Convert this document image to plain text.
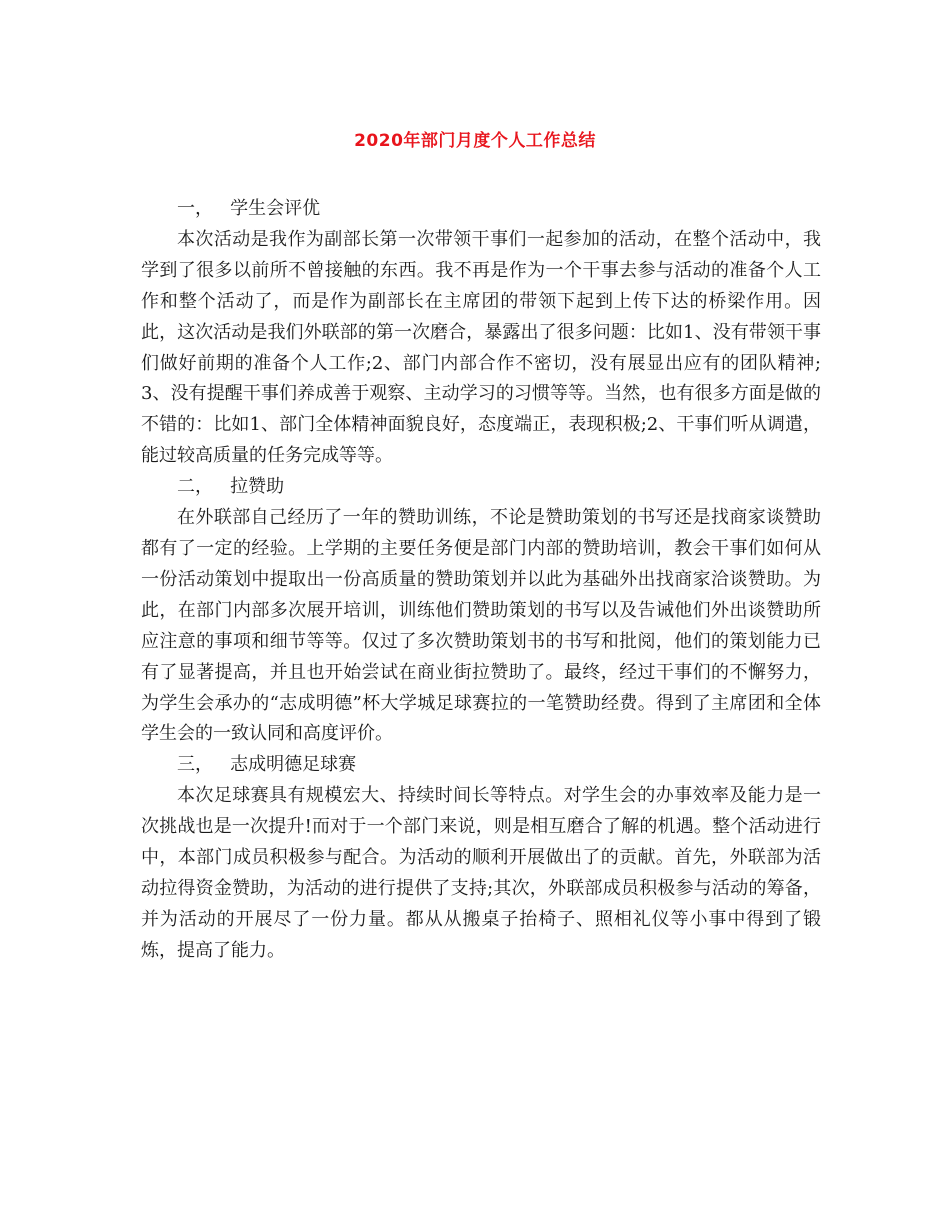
2020年部门月度个人工作总结

一，   学生会评优

本次活动是我作为副部长第一次带领干事们一起参加的活动，在整个活动中，我学到了很多以前所不曾接触的东西。我不再是作为一个干事去参与活动的准备个人工作和整个活动了，而是作为副部长在主席团的带领下起到上传下达的桥梁作用。因此，这次活动是我们外联部的第一次磨合，暴露出了很多问题：比如1、没有带领干事们做好前期的准备个人工作;2、部门内部合作不密切，没有展显出应有的团队精神;3、没有提醒干事们养成善于观察、主动学习的习惯等等。当然，也有很多方面是做的不错的：比如1、部门全体精神面貌良好，态度端正，表现积极;2、干事们听从调遣，能过较高质量的任务完成等等。

二，   拉赞助

在外联部自己经历了一年的赞助训练，不论是赞助策划的书写还是找商家谈赞助都有了一定的经验。上学期的主要任务便是部门内部的赞助培训，教会干事们如何从一份活动策划中提取出一份高质量的赞助策划并以此为基础外出找商家洽谈赞助。为此，在部门内部多次展开培训，训练他们赞助策划的书写以及告诫他们外出谈赞助所应注意的事项和细节等等。仅过了多次赞助策划书的书写和批阅，他们的策划能力已有了显著提高，并且也开始尝试在商业街拉赞助了。最终，经过干事们的不懈努力，为学生会承办的“志成明德”杯大学城足球赛拉的一笔赞助经费。得到了主席团和全体学生会的一致认同和高度评价。

三，   志成明德足球赛

本次足球赛具有规模宏大、持续时间长等特点。对学生会的办事效率及能力是一次挑战也是一次提升!而对于一个部门来说，则是相互磨合了解的机遇。整个活动进行中，本部门成员积极参与配合。为活动的顺利开展做出了的贡献。首先，外联部为活动拉得资金赞助，为活动的进行提供了支持;其次，外联部成员积极参与活动的筹备，并为活动的开展尽了一份力量。都从从搬桌子抬椅子、照相礼仪等小事中得到了锻炼，提高了能力。
